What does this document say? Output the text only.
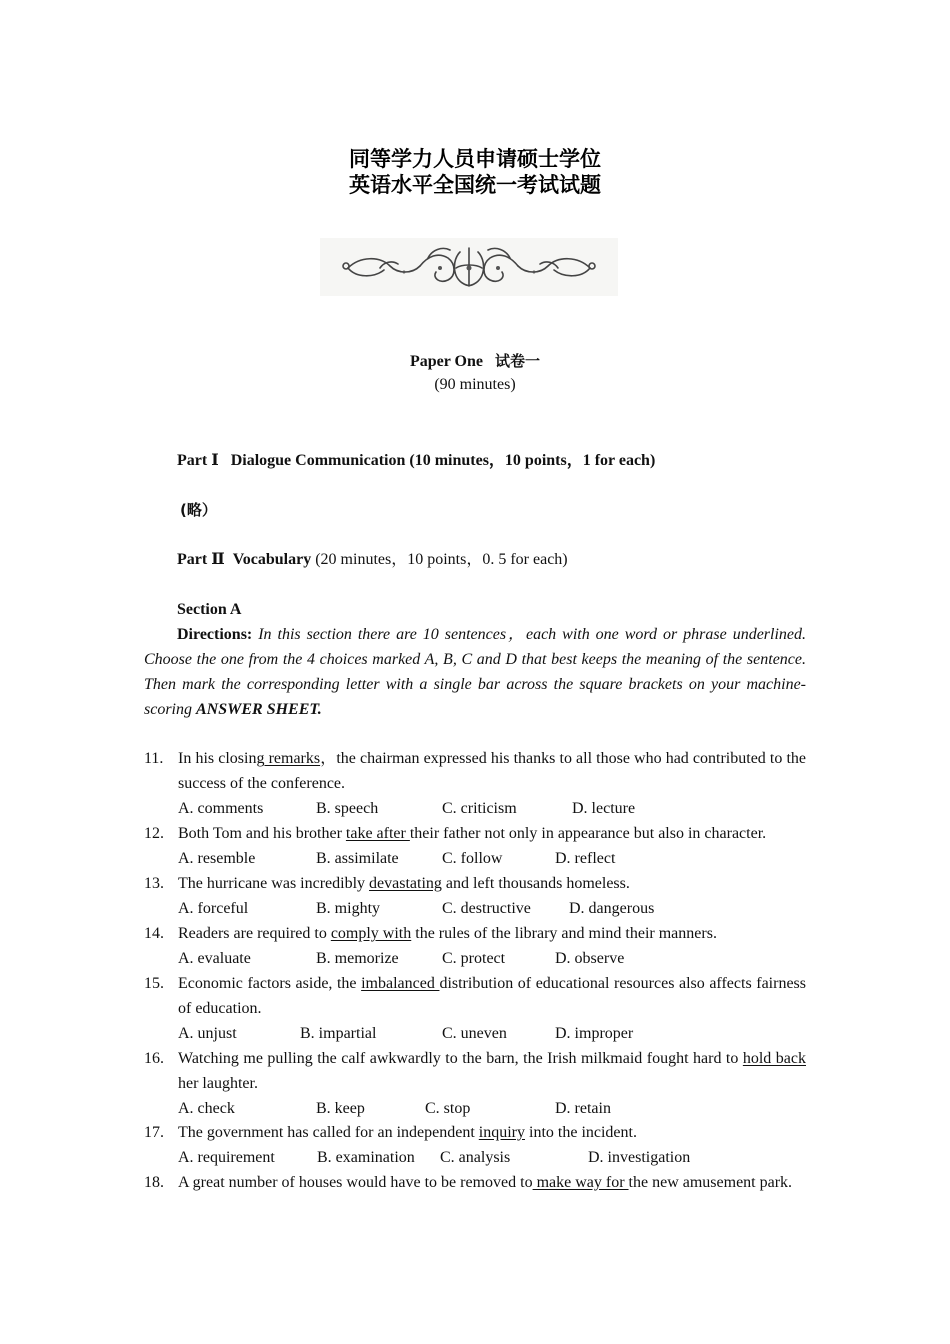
同等学力人员申请硕士学位
英语水平全国统一考试试题
Paper One 试卷一
(90 minutes)
Part Ⅰ Dialogue Communication (10 minutes，10 points，1 for each)
(略）
Part Ⅱ Vocabulary (20 minutes，10 points，0. 5 for each)
Section A
Directions: In this section there are 10 sentences，each with one word or phrase underlined. Choose the one from the 4 choices marked A, B, C and D that best keeps the meaning of the sentence. Then mark the corresponding letter with a single bar across the square brackets on your machine-scoring ANSWER SHEET.
11. In his closing remarks，the chairman expressed his thanks to all those who had contributed to the success of the conference.
A. comments	B. speech	C. criticism	D. lecture
12. Both Tom and his brother take after their father not only in appearance but also in character.
A. resemble	B. assimilate	C. follow	D. reflect
13. The hurricane was incredibly devastating and left thousands homeless.
A. forceful	B. mighty	C. destructive D. dangerous
14. Readers are required to comply with the rules of the library and mind their manners.
A. evaluate	B. memorize	C. protect	D. observe
15. Economic factors aside, the imbalanced distribution of educational resources also affects fairness of education.
A. unjust	B. impartial	C. uneven	D. improper
16. Watching me pulling the calf awkwardly to the barn, the Irish milkmaid fought hard to hold back her laughter.
A. check	B. keep	C. stop	D. retain
17. The government has called for an independent inquiry into the incident.
A. requirement	B. examination C. analysis	D. investigation
18. A great number of houses would have to be removed to make way for the new amusement park.
